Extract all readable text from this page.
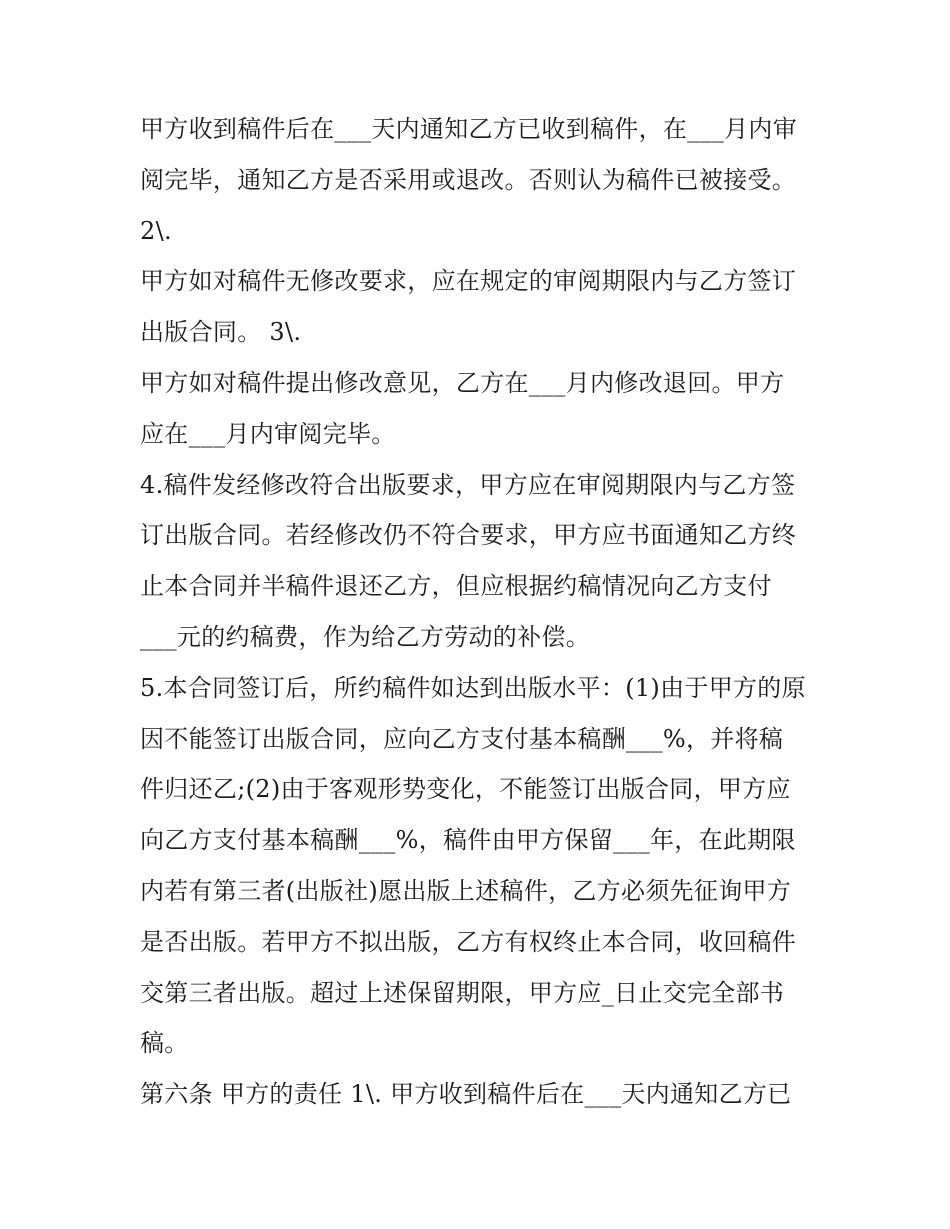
甲方收到稿件后在___天内通知乙方已收到稿件，在___月内审
阅完毕，通知乙方是否采用或退改。否则认为稿件已被接受。
2\.
甲方如对稿件无修改要求，应在规定的审阅期限内与乙方签订
出版合同。 3\.
甲方如对稿件提出修改意见，乙方在___月内修改退回。甲方
应在___月内审阅完毕。
4.稿件发经修改符合出版要求，甲方应在审阅期限内与乙方签
订出版合同。若经修改仍不符合要求，甲方应书面通知乙方终
止本合同并半稿件退还乙方，但应根据约稿情况向乙方支付
___元的约稿费，作为给乙方劳动的补偿。
5.本合同签订后，所约稿件如达到出版水平：(1)由于甲方的原
因不能签订出版合同，应向乙方支付基本稿酬___%，并将稿
件归还乙;(2)由于客观形势变化，不能签订出版合同，甲方应
向乙方支付基本稿酬___%，稿件由甲方保留___年，在此期限
内若有第三者(出版社)愿出版上述稿件，乙方必须先征询甲方
是否出版。若甲方不拟出版，乙方有权终止本合同，收回稿件
交第三者出版。超过上述保留期限，甲方应_日止交完全部书
稿。
第六条 甲方的责任 1\. 甲方收到稿件后在___天内通知乙方已
